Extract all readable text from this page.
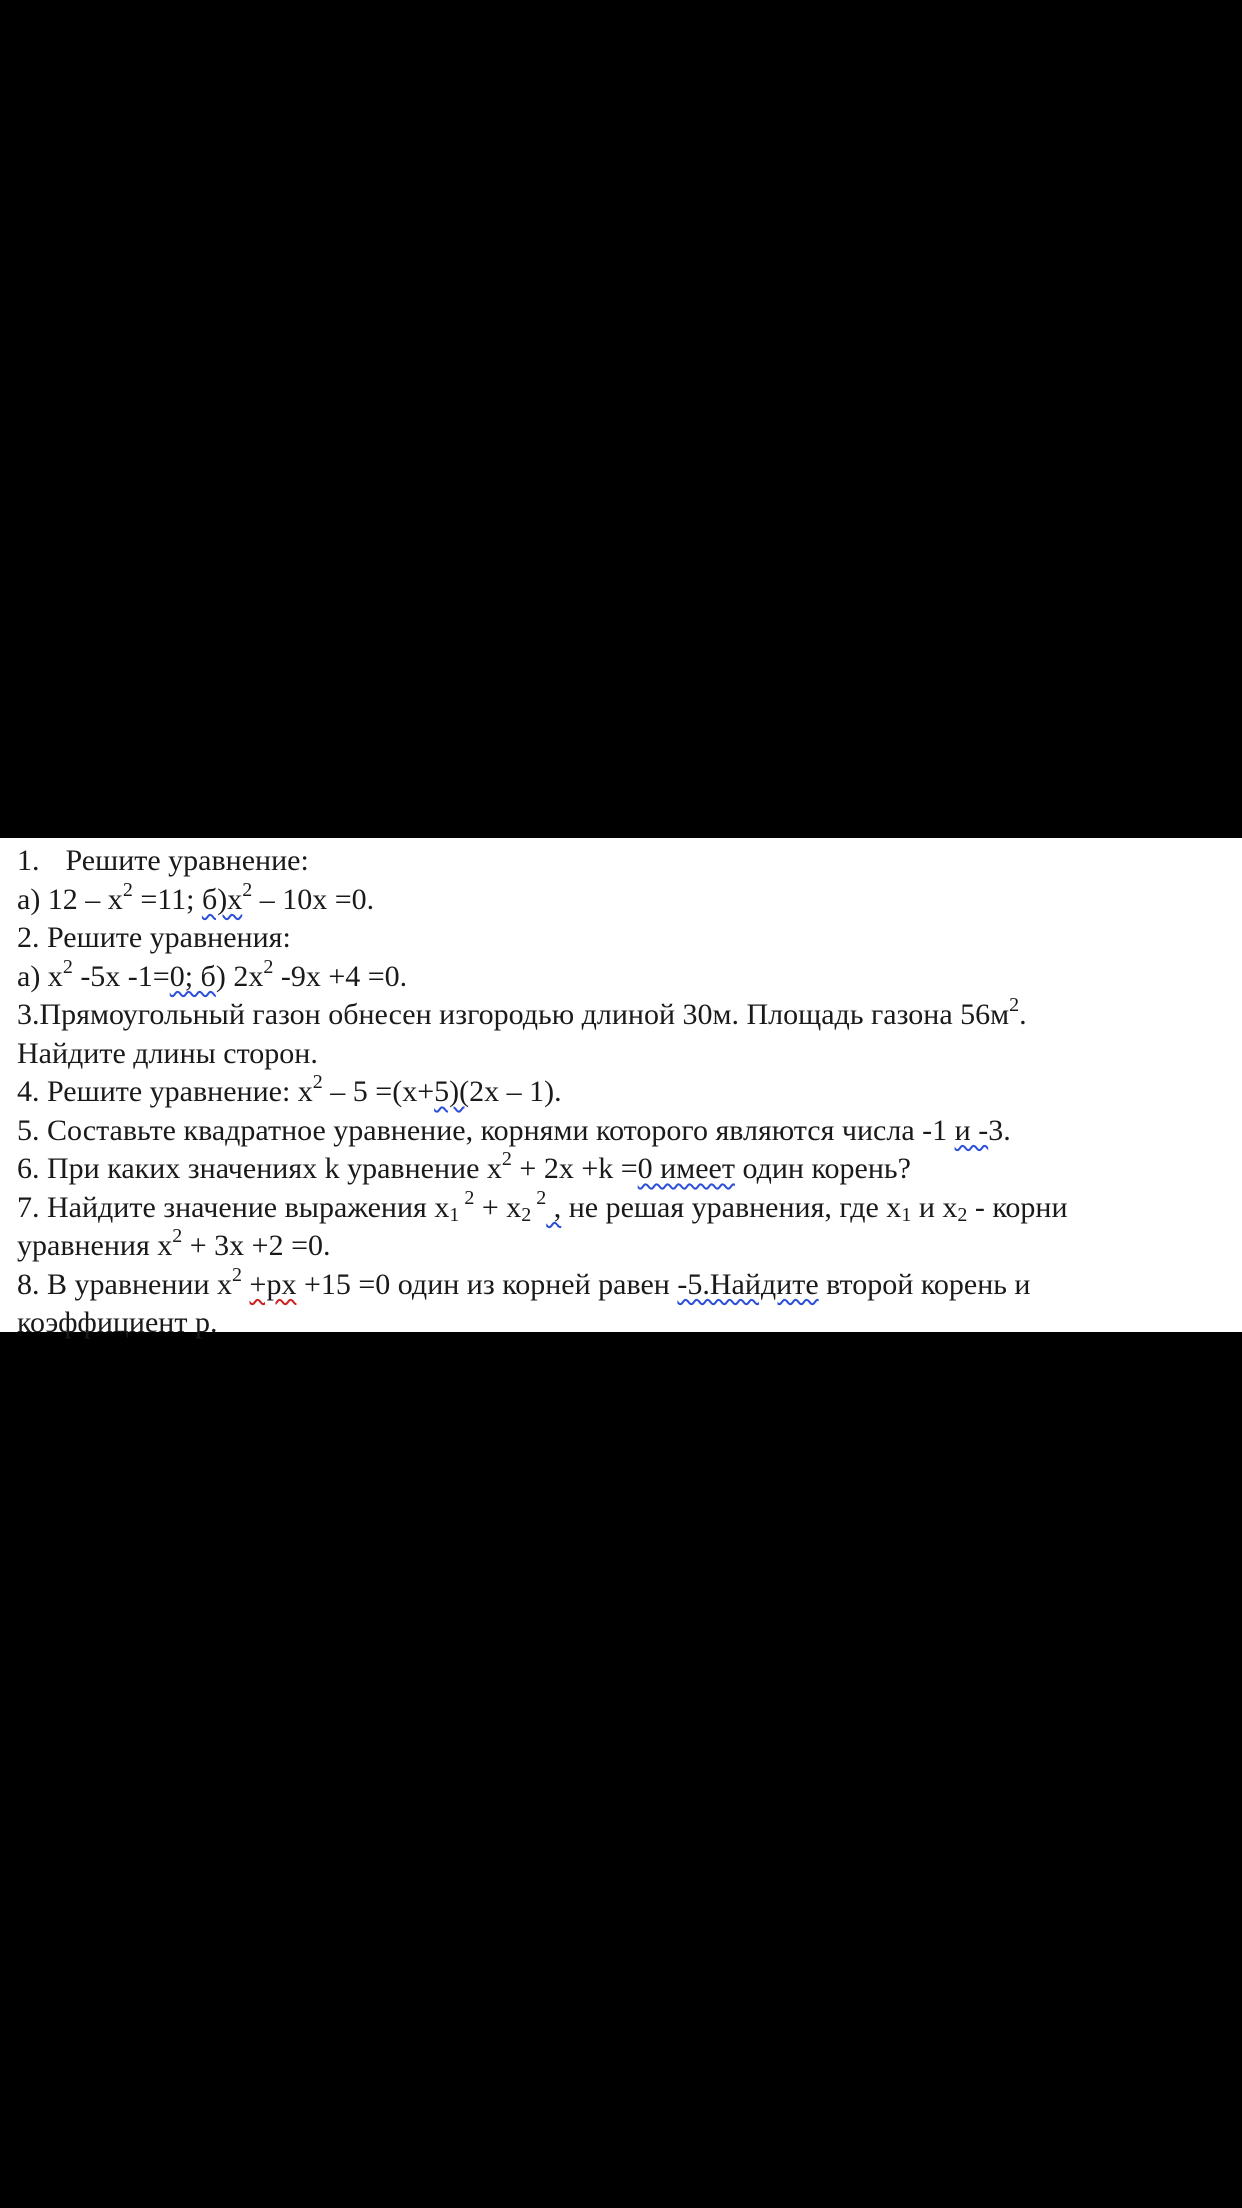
1. Решите уравнение:
а) $12 - x^2 =11$; $б)x^2 - 10x =0$.
2. Решите уравнения:
а) $x^2$ -5x -1=0; б) $2x^2$ -9x +4 =0.
3.Прямоугольный газон обнесен изгородью длиной 30м. Площадь газона $56м^2$.
Найдите длины сторон.
4. Решите уравнение: $x^2 - 5 =(x+5)(2x - 1)$.
5. Составьте квадратное уравнение, корнями которого являются числа -1 и -3.
6. При каких значениях k уравнение $x^2 + 2x +k =0$ имеет один корень?
7. Найдите значение выражения $x_1$ $^2 + x_2$ $^2$ , не решая уравнения, где $x_1$ и $x_2$ - корни
уравнения $x^2 + 3x +2 =0$.
8. В уравнении $x^2 +px +15 =0$ один из корней равен -5.Найдите второй корень и
коэффициент р.
